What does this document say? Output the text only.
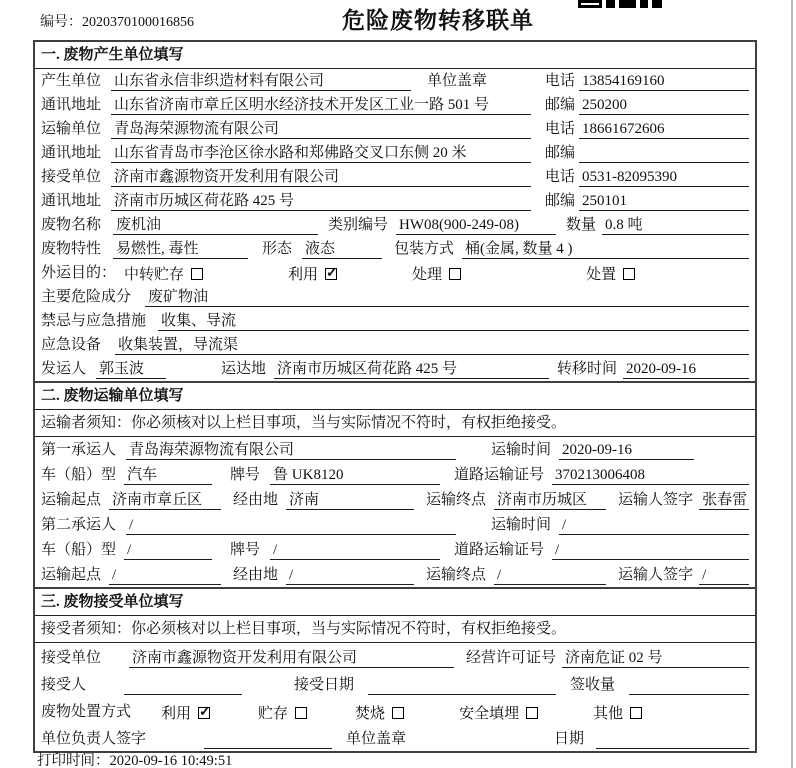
编号：2020370100016856	危险废物转移联单
一. 废物产生单位填写
产生单位 山东省永信非织造材料有限公司	单位盖章	电话 13854169160
通讯地址 山东省济南市章丘区明水经济技术开发区工业一路 501 号	邮编 250200
运输单位 青岛海荣源物流有限公司	电话 18661672606
通讯地址 山东省青岛市李沧区徐水路和郑佛路交叉口东侧 20 米	邮编
接受单位 济南市鑫源物资开发利用有限公司	电话 0531-82095390
通讯地址 济南市历城区荷花路 425 号	邮编 250101
废物名称 废机油	类别编号 HW08(900-249-08)	数量 0.8 吨
废物特性 易燃性, 毒性	形态 液态	包装方式 桶(金属, 数量 4 )
外运目的： 中转贮存	利用 ✓	处理	处置
主要危险成分 废矿物油
禁忌与应急措施 收集、导流
应急设备 收集装置，导流渠
发运人 郭玉波	运达地 济南市历城区荷花路 425 号	转移时间 2020-09-16
二. 废物运输单位填写
运输者须知：你必须核对以上栏目事项，当与实际情况不符时，有权拒绝接受。
第一承运人 青岛海荣源物流有限公司	运输时间 2020-09-16
车（船）型 汽车	牌号 鲁 UK8120	道路运输证号 370213006408
运输起点 济南市章丘区	经由地 济南	运输终点 济南市历城区	运输人签字 张春雷
第二承运人 /	运输时间 /
车（船）型 /	牌号 /	道路运输证号 /
运输起点 /	经由地 /	运输终点 /	运输人签字 /
三. 废物接受单位填写
接受者须知：你必须核对以上栏目事项，当与实际情况不符时，有权拒绝接受。
接受单位 济南市鑫源物资开发利用有限公司	经营许可证号 济南危证 02 号
接受人	接受日期	签收量
废物处置方式 利用 ✓	贮存	焚烧	安全填埋	其他
单位负责人签字	单位盖章	日期
打印时间：2020-09-16 10:49:51
